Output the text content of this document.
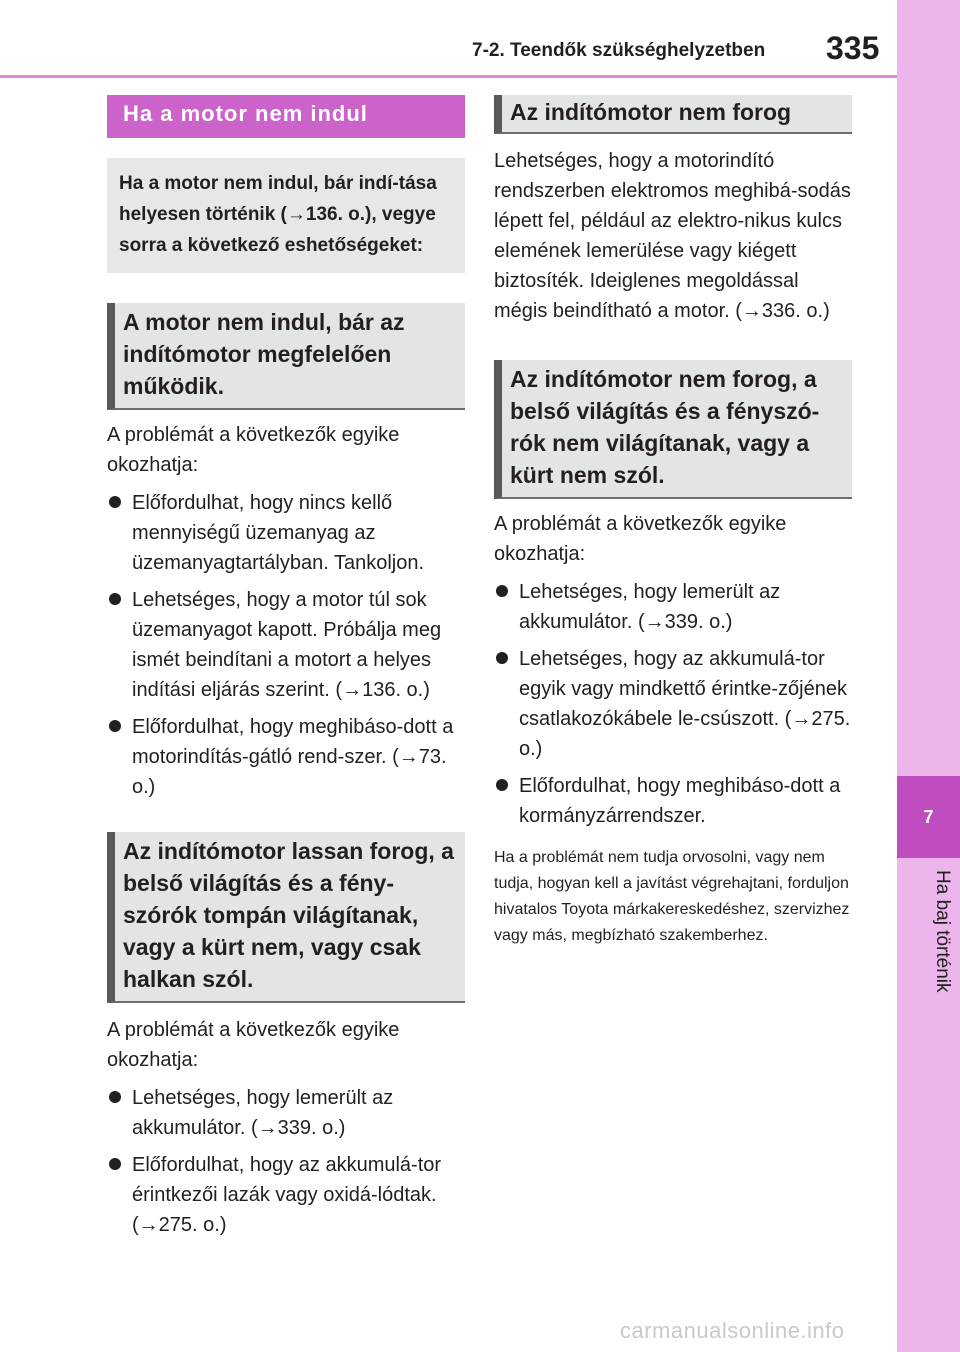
7-2. Teendők szükséghelyzetben 335
7
Ha baj történik
Ha a motor nem indul
Ha a motor nem indul, bár indí-tása helyesen történik (→136. o.), vegye sorra a következő eshetőségeket:
A motor nem indul, bár az indítómotor megfelelően működik.
A problémát a következők egyike okozhatja:
Előfordulhat, hogy nincs kellő mennyiségű üzemanyag az üzemanyagtartályban. Tankoljon.
Lehetséges, hogy a motor túl sok üzemanyagot kapott. Próbálja meg ismét beindítani a motort a helyes indítási eljárás szerint. (→136. o.)
Előfordulhat, hogy meghibáso-dott a motorindítás-gátló rend-szer. (→73. o.)
Az indítómotor lassan forog, a belső világítás és a fény-szórók tompán világítanak, vagy a kürt nem, vagy csak halkan szól.
A problémát a következők egyike okozhatja:
Lehetséges, hogy lemerült az akkumulátor. (→339. o.)
Előfordulhat, hogy az akkumulá-tor érintkezői lazák vagy oxidá-lódtak. (→275. o.)
Az indítómotor nem forog
Lehetséges, hogy a motorindító rendszerben elektromos meghibá-sodás lépett fel, például az elektro-nikus kulcs elemének lemerülése vagy kiégett biztosíték. Ideiglenes megoldással mégis beindítható a motor. (→336. o.)
Az indítómotor nem forog, a belső világítás és a fényszó-rók nem világítanak, vagy a kürt nem szól.
A problémát a következők egyike okozhatja:
Lehetséges, hogy lemerült az akkumulátor. (→339. o.)
Lehetséges, hogy az akkumulá-tor egyik vagy mindkettő érintke-zőjének csatlakozókábele le-csúszott. (→275. o.)
Előfordulhat, hogy meghibáso-dott a kormányzárrendszer.
Ha a problémát nem tudja orvosolni, vagy nem tudja, hogyan kell a javítást végrehajtani, forduljon hivatalos Toyota márkakereskedéshez, szervizhez vagy más, megbízható szakemberhez.
carmanualsonline.info
